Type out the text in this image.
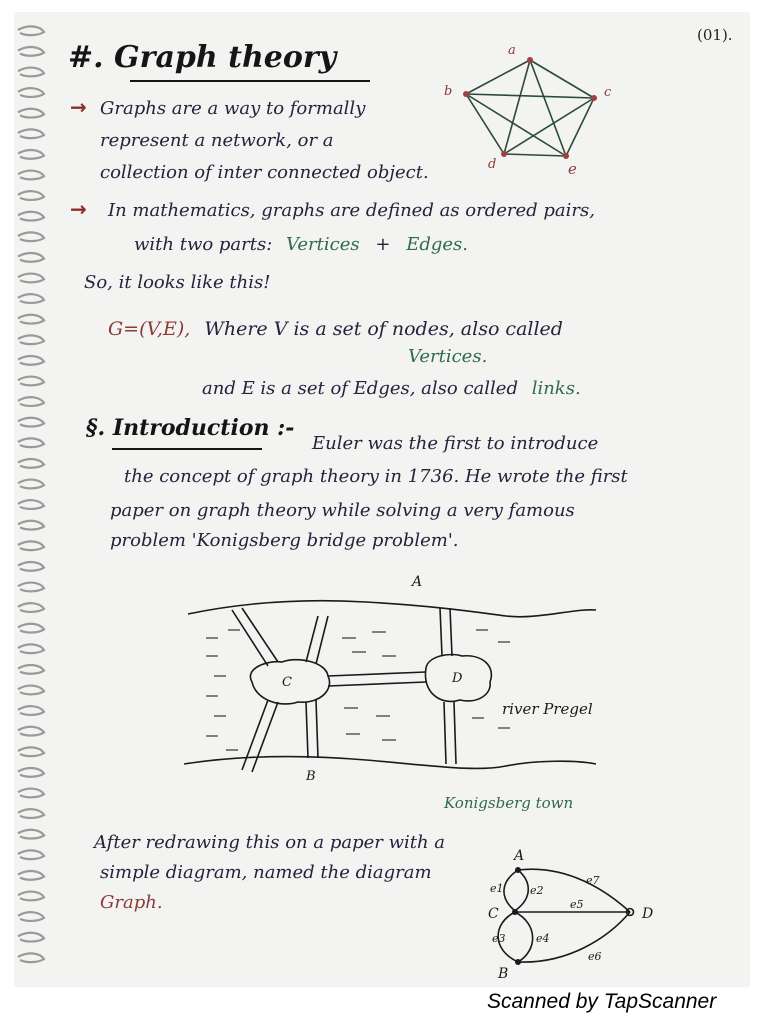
(01).
#. Graph theory	a
b	c
d	e
→ Graphs are a way to formally
represent a network, or a
collection of inter connected object.
→ In mathematics, graphs are defined as ordered pairs,
with two parts: Vertices + Edges.
So, it looks like this!
G=(V,E), Where V is a set of nodes, also called
Vertices.
and E is a set of Edges, also called links.
§. Introduction :-
Euler was the first to introduce
the concept of graph theory in 1736. He wrote the first
paper on graph theory while solving a very famous
problem 'Konigsberg bridge problem'.
A
B
C	D
river Pregel
Konigsberg town
After redrawing this on a paper with a
simple diagram, named the diagram
Graph.
A
B
C	D
e1 e2
e3	e4
e5
e6
e7
Scanned by TapScanner
